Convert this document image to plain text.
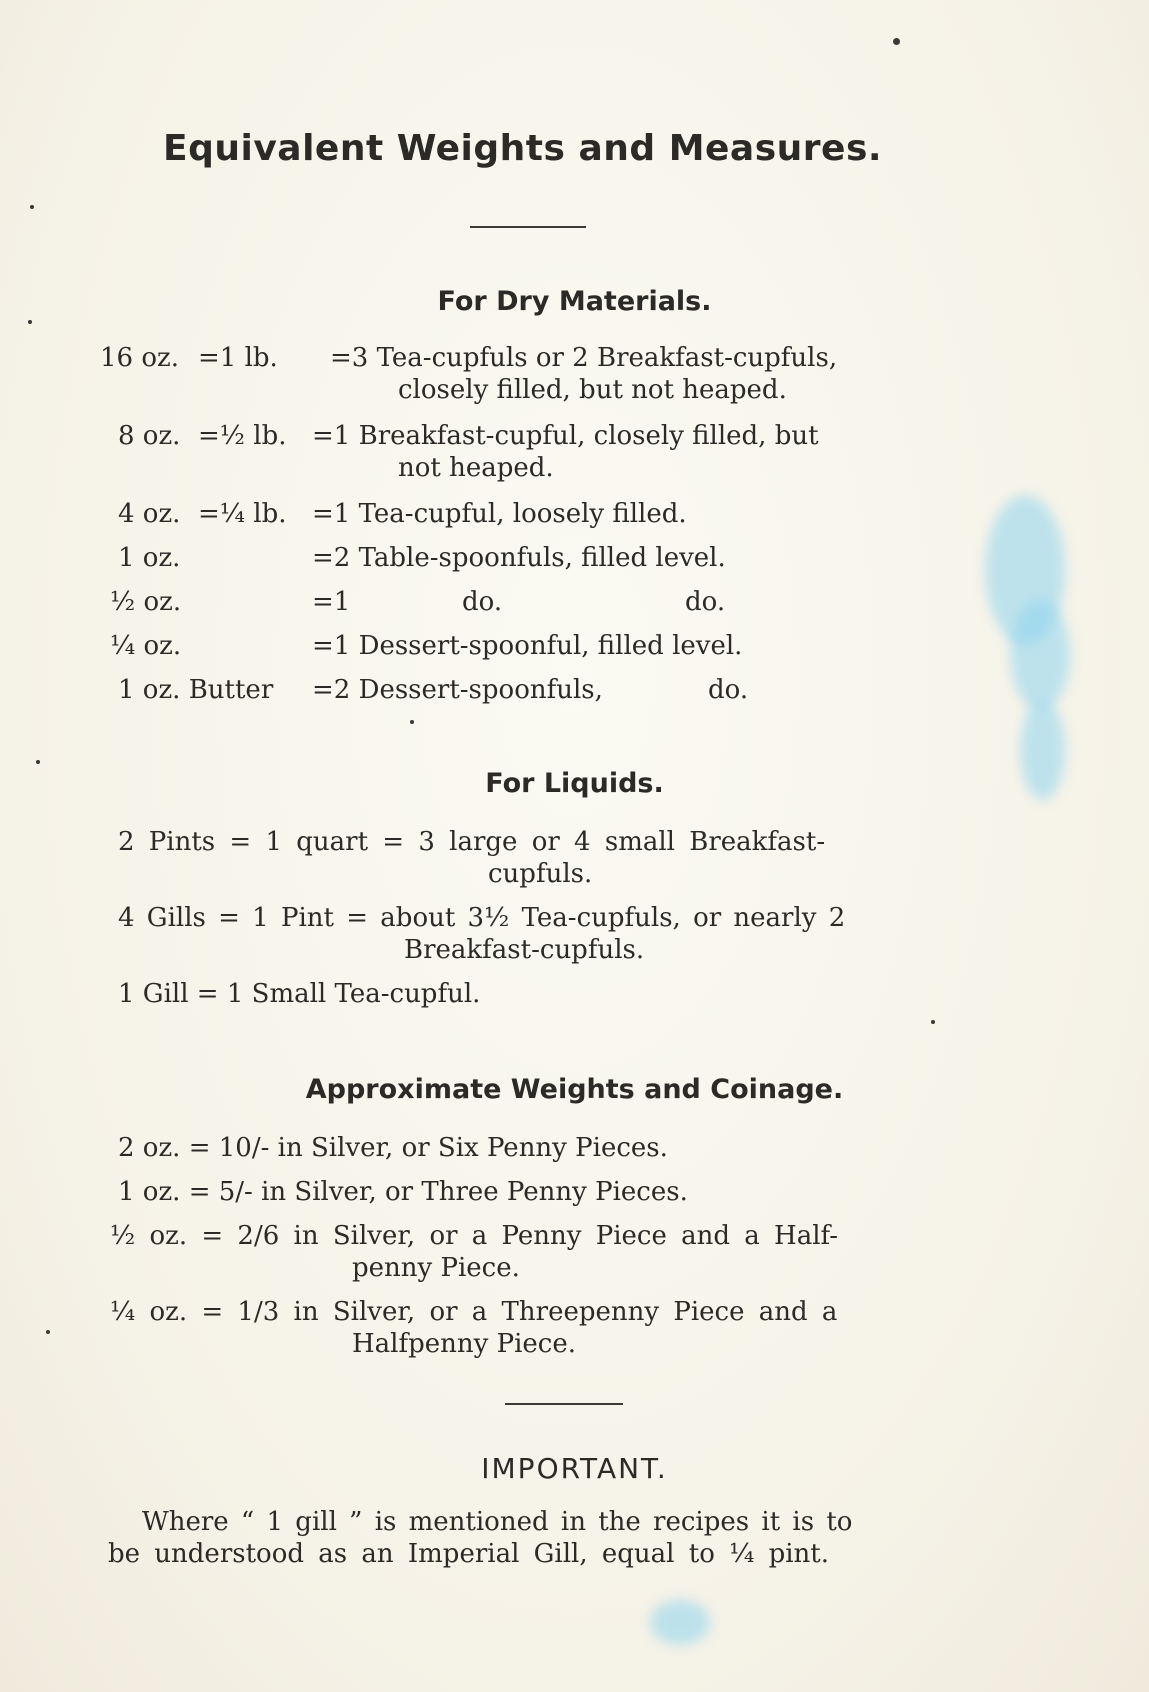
Equivalent Weights and Measures.
For Dry Materials.
16 oz. =1 lb. =3 Tea-cupfuls or 2 Breakfast-cupfuls,
closely filled, but not heaped.
8 oz. =½ lb. =1 Breakfast-cupful, closely filled, but
not heaped.
4 oz. =¼ lb. =1 Tea-cupful, loosely filled.
1 oz.	=2 Table-spoonfuls, filled level.
½ oz.	=1	do.	do.
¼ oz.	=1 Dessert-spoonful, filled level.
1 oz. Butter =2 Dessert-spoonfuls,	do.
For Liquids.
2 Pints = 1 quart = 3 large or 4 small Breakfast-
cupfuls.
4 Gills = 1 Pint = about 3½ Tea-cupfuls, or nearly 2
Breakfast-cupfuls.
1 Gill = 1 Small Tea-cupful.
Approximate Weights and Coinage.
2 oz. = 10/- in Silver, or Six Penny Pieces.
1 oz. = 5/- in Silver, or Three Penny Pieces.
½ oz. = 2/6 in Silver, or a Penny Piece and a Half-
penny Piece.
¼ oz. = 1/3 in Silver, or a Threepenny Piece and a
Halfpenny Piece.
IMPORTANT.
Where “ 1 gill ” is mentioned in the recipes it is to
be understood as an Imperial Gill, equal to ¼ pint.
